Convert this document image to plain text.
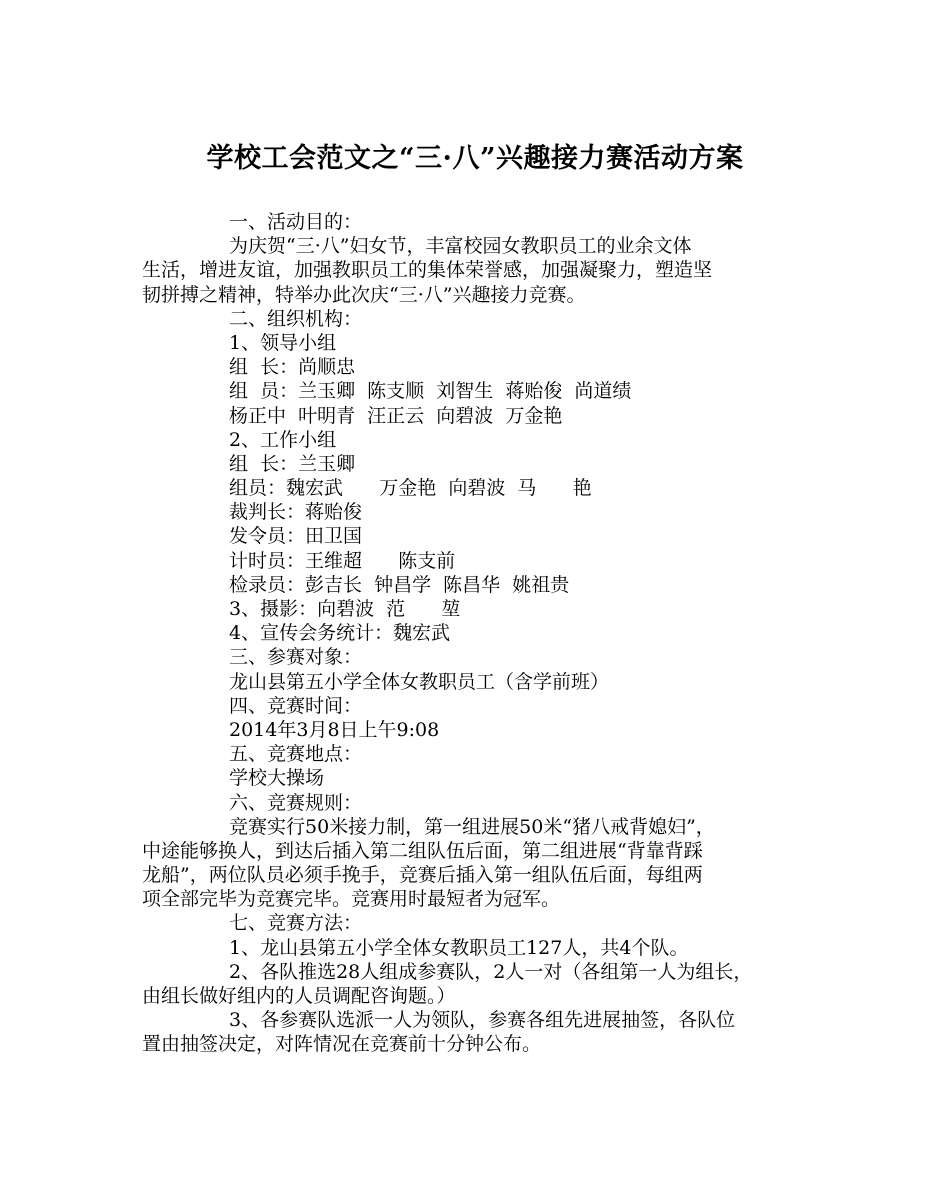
学校工会范文之“三·八”兴趣接力赛活动方案
一、活动目的：
为庆贺“三·八”妇女节，丰富校园女教职员工的业余文体
生活，增进友谊，加强教职员工的集体荣誉感，加强凝聚力，塑造坚
韧拼搏之精神，特举办此次庆“三·八”兴趣接力竞赛。
二、组织机构：
1、领导小组
组  长：尚顺忠
组  员：兰玉卿  陈支顺  刘智生  蒋贻俊  尚道绩
杨正中  叶明青  汪正云  向碧波  万金艳
2、工作小组
组  长：兰玉卿
组员：魏宏武      万金艳  向碧波  马      艳
裁判长：蒋贻俊
发令员：田卫国
计时员：王维超      陈支前
检录员：彭吉长  钟昌学  陈昌华  姚祖贵
3、摄影：向碧波  范      堃
4、宣传会务统计：魏宏武
三、参赛对象：
龙山县第五小学全体女教职员工（含学前班）
四、竞赛时间：
2014年3月8日上午9:08
五、竞赛地点：
学校大操场
六、竞赛规则：
竞赛实行50米接力制，第一组进展50米“猪八戒背媳妇”，
中途能够换人，到达后插入第二组队伍后面，第二组进展“背靠背踩
龙船”，两位队员必须手挽手，竞赛后插入第一组队伍后面，每组两
项全部完毕为竞赛完毕。竞赛用时最短者为冠军。
七、竞赛方法：
1、龙山县第五小学全体女教职员工127人，共4个队。
2、各队推选28人组成参赛队，2人一对（各组第一人为组长，
由组长做好组内的人员调配咨询题。）
3、各参赛队选派一人为领队，参赛各组先进展抽签，各队位
置由抽签决定，对阵情况在竞赛前十分钟公布。
